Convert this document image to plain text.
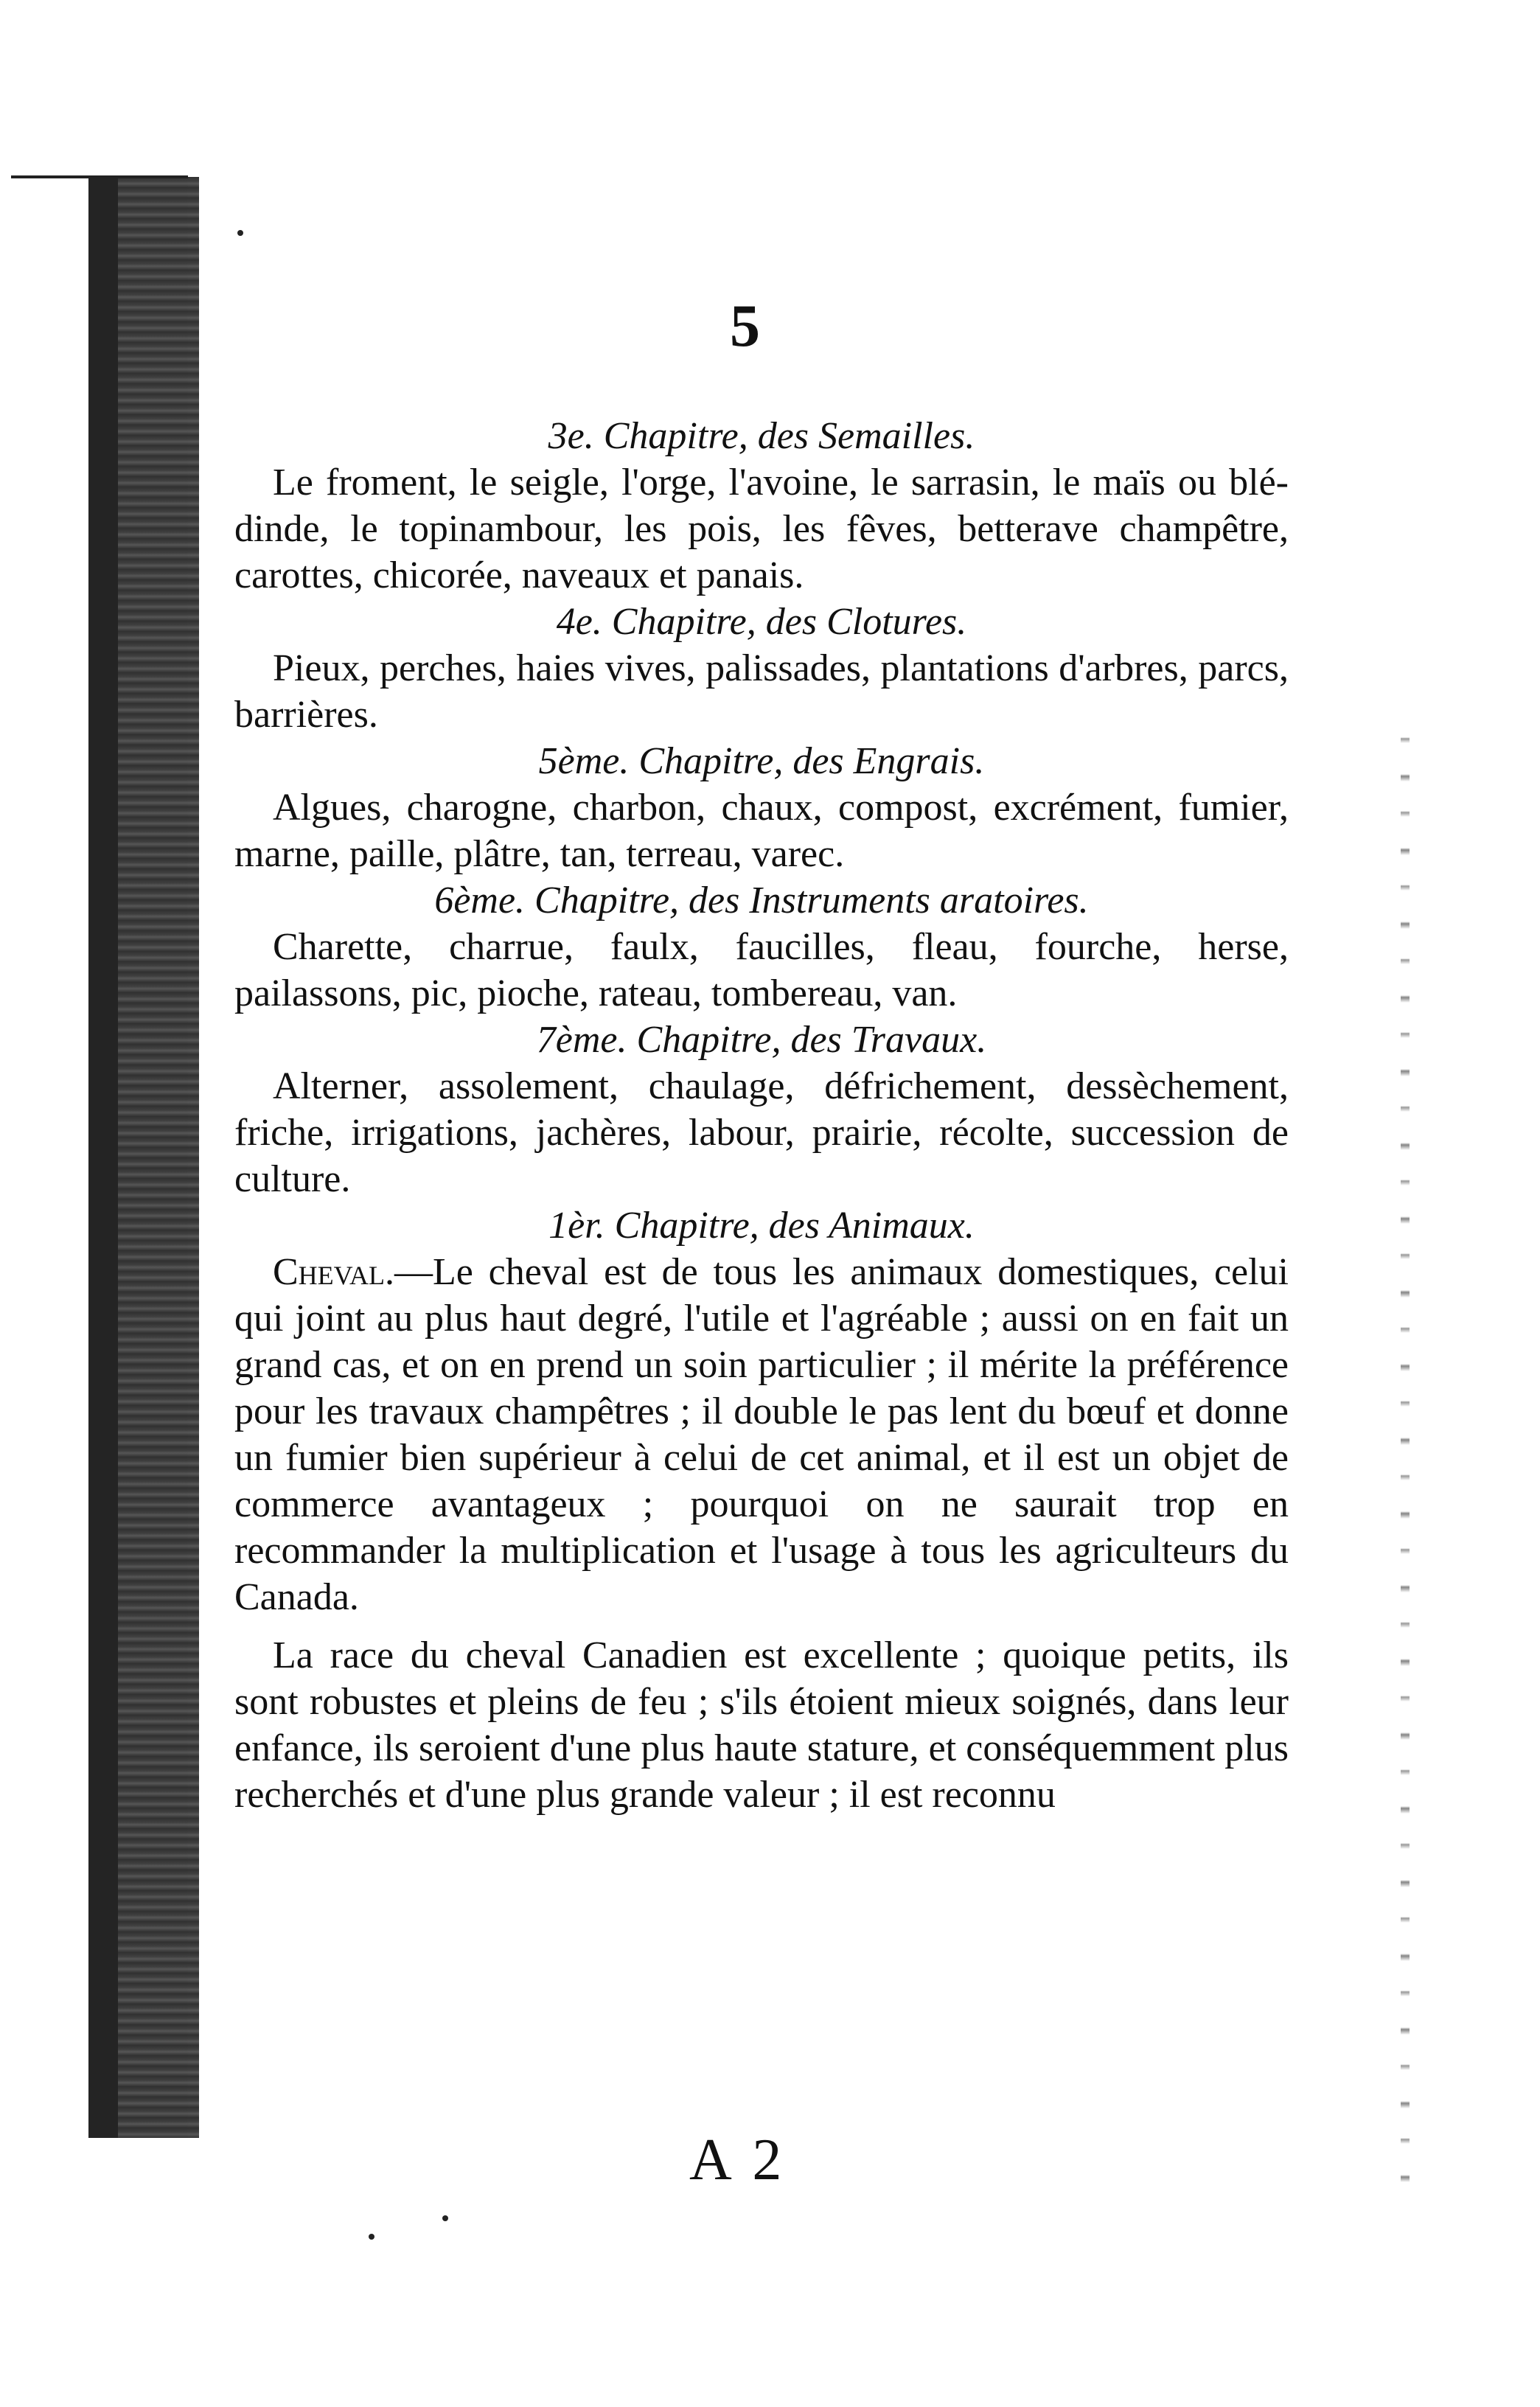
5
3e. Chapitre, des Semailles.

Le froment, le seigle, l'orge, l'avoine, le sarrasin, le maïs ou blé-dinde, le topinambour, les pois, les fêves, betterave champêtre, carottes, chicorée, naveaux et panais.

4e. Chapitre, des Clotures.

Pieux, perches, haies vives, palissades, plantations d'arbres, parcs, barrières.

5ème. Chapitre, des Engrais.

Algues, charogne, charbon, chaux, compost, excrément, fumier, marne, paille, plâtre, tan, terreau, varec.

6ème. Chapitre, des Instruments aratoires.

Charette, charrue, faulx, faucilles, fleau, fourche, herse, pailassons, pic, pioche, rateau, tombereau, van.

7ème. Chapitre, des Travaux.

Alterner, assolement, chaulage, défrichement, dessèchement, friche, irrigations, jachères, labour, prairie, récolte, succession de culture.

1èr. Chapitre, des Animaux.

Cheval.—Le cheval est de tous les animaux domestiques, celui qui joint au plus haut degré, l'utile et l'agréable ; aussi on en fait un grand cas, et on en prend un soin particulier ; il mérite la préférence pour les travaux champêtres ; il double le pas lent du bœuf et donne un fumier bien supérieur à celui de cet animal, et il est un objet de commerce avantageux ; pourquoi on ne saurait trop en recommander la multiplication et l'usage à tous les agriculteurs du Canada.

La race du cheval Canadien est excellente ; quoique petits, ils sont robustes et pleins de feu ; s'ils étoient mieux soignés, dans leur enfance, ils seroient d'une plus haute stature, et conséquemment plus recherchés et d'une plus grande valeur ; il est reconnu

A 2
